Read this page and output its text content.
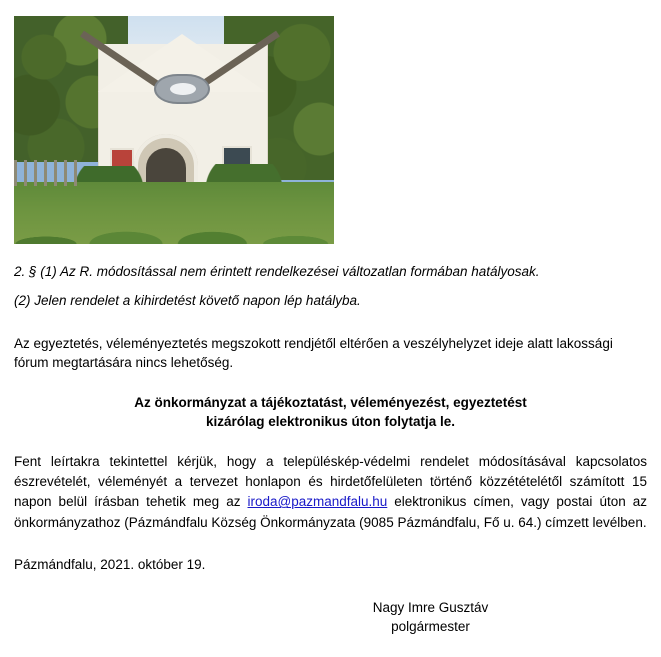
2. § (1) Az R. módosítással nem érintett rendelkezései változatlan formában hatályosak.
(2) Jelen rendelet a kihirdetést követő napon lép hatályba.
Az egyeztetés, véleményeztetés megszokott rendjétől eltérően a veszélyhelyzet ideje alatt lakossági fórum megtartására nincs lehetőség.
Az önkormányzat a tájékoztatást, véleményezést, egyeztetést
kizárólag elektronikus úton folytatja le.
Fent leírtakra tekintettel kérjük, hogy a településkép-védelmi rendelet módosításával kapcsolatos észrevételét, véleményét a tervezet honlapon és hirdetőfelületen történő közzétételétől számított 15 napon belül írásban tehetik meg az iroda@pazmandfalu.hu elektronikus címen, vagy postai úton az önkormányzathoz (Pázmándfalu Község Önkormányzata (9085 Pázmándfalu, Fő u. 64.) címzett levélben.
Pázmándfalu, 2021. október 19.
Nagy Imre Gusztáv
polgármester
